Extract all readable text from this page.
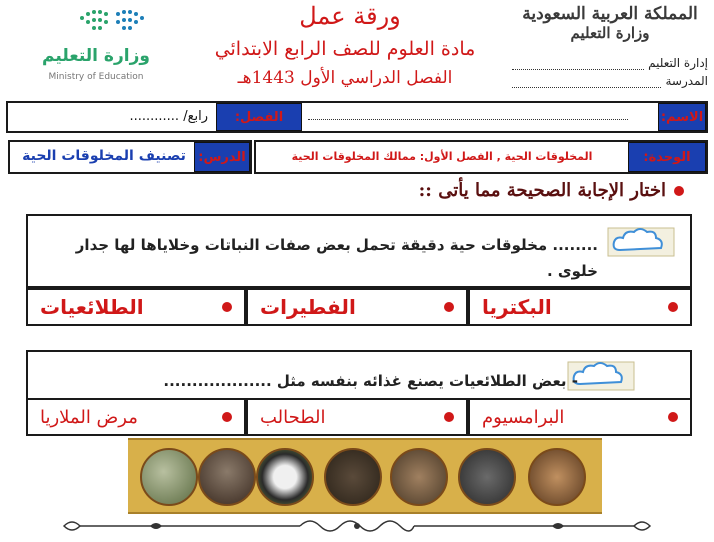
المملكة العربية السعودية
وزارة التعليم
إدارة التعليم
المدرسة
ورقة عمل
مادة العلوم للصف الرابع الابتدائي
الفصل الدراسي الأول 1443هـ
وزارة التعليم
Ministry of Education
الاسم:
الفصل:
رابع/ ............
الوحدة:
المخلوقات الحية , الفصل الأول: ممالك المخلوقات الحية
الدرس:
تصنيف المخلوقات الحية
اختار الإجابة الصحيحة مما يأتى ::
........ مخلوقات حية دقيقة تحمل بعض صفات النباتات وخلاياها لها جدار خلوى .
البكتريا
الفطيرات
الطلائعيات
- بعض الطلائعيات يصنع غذائه بنفسه مثل ...................
البرامسيوم
الطحالب
مرض الملاريا
